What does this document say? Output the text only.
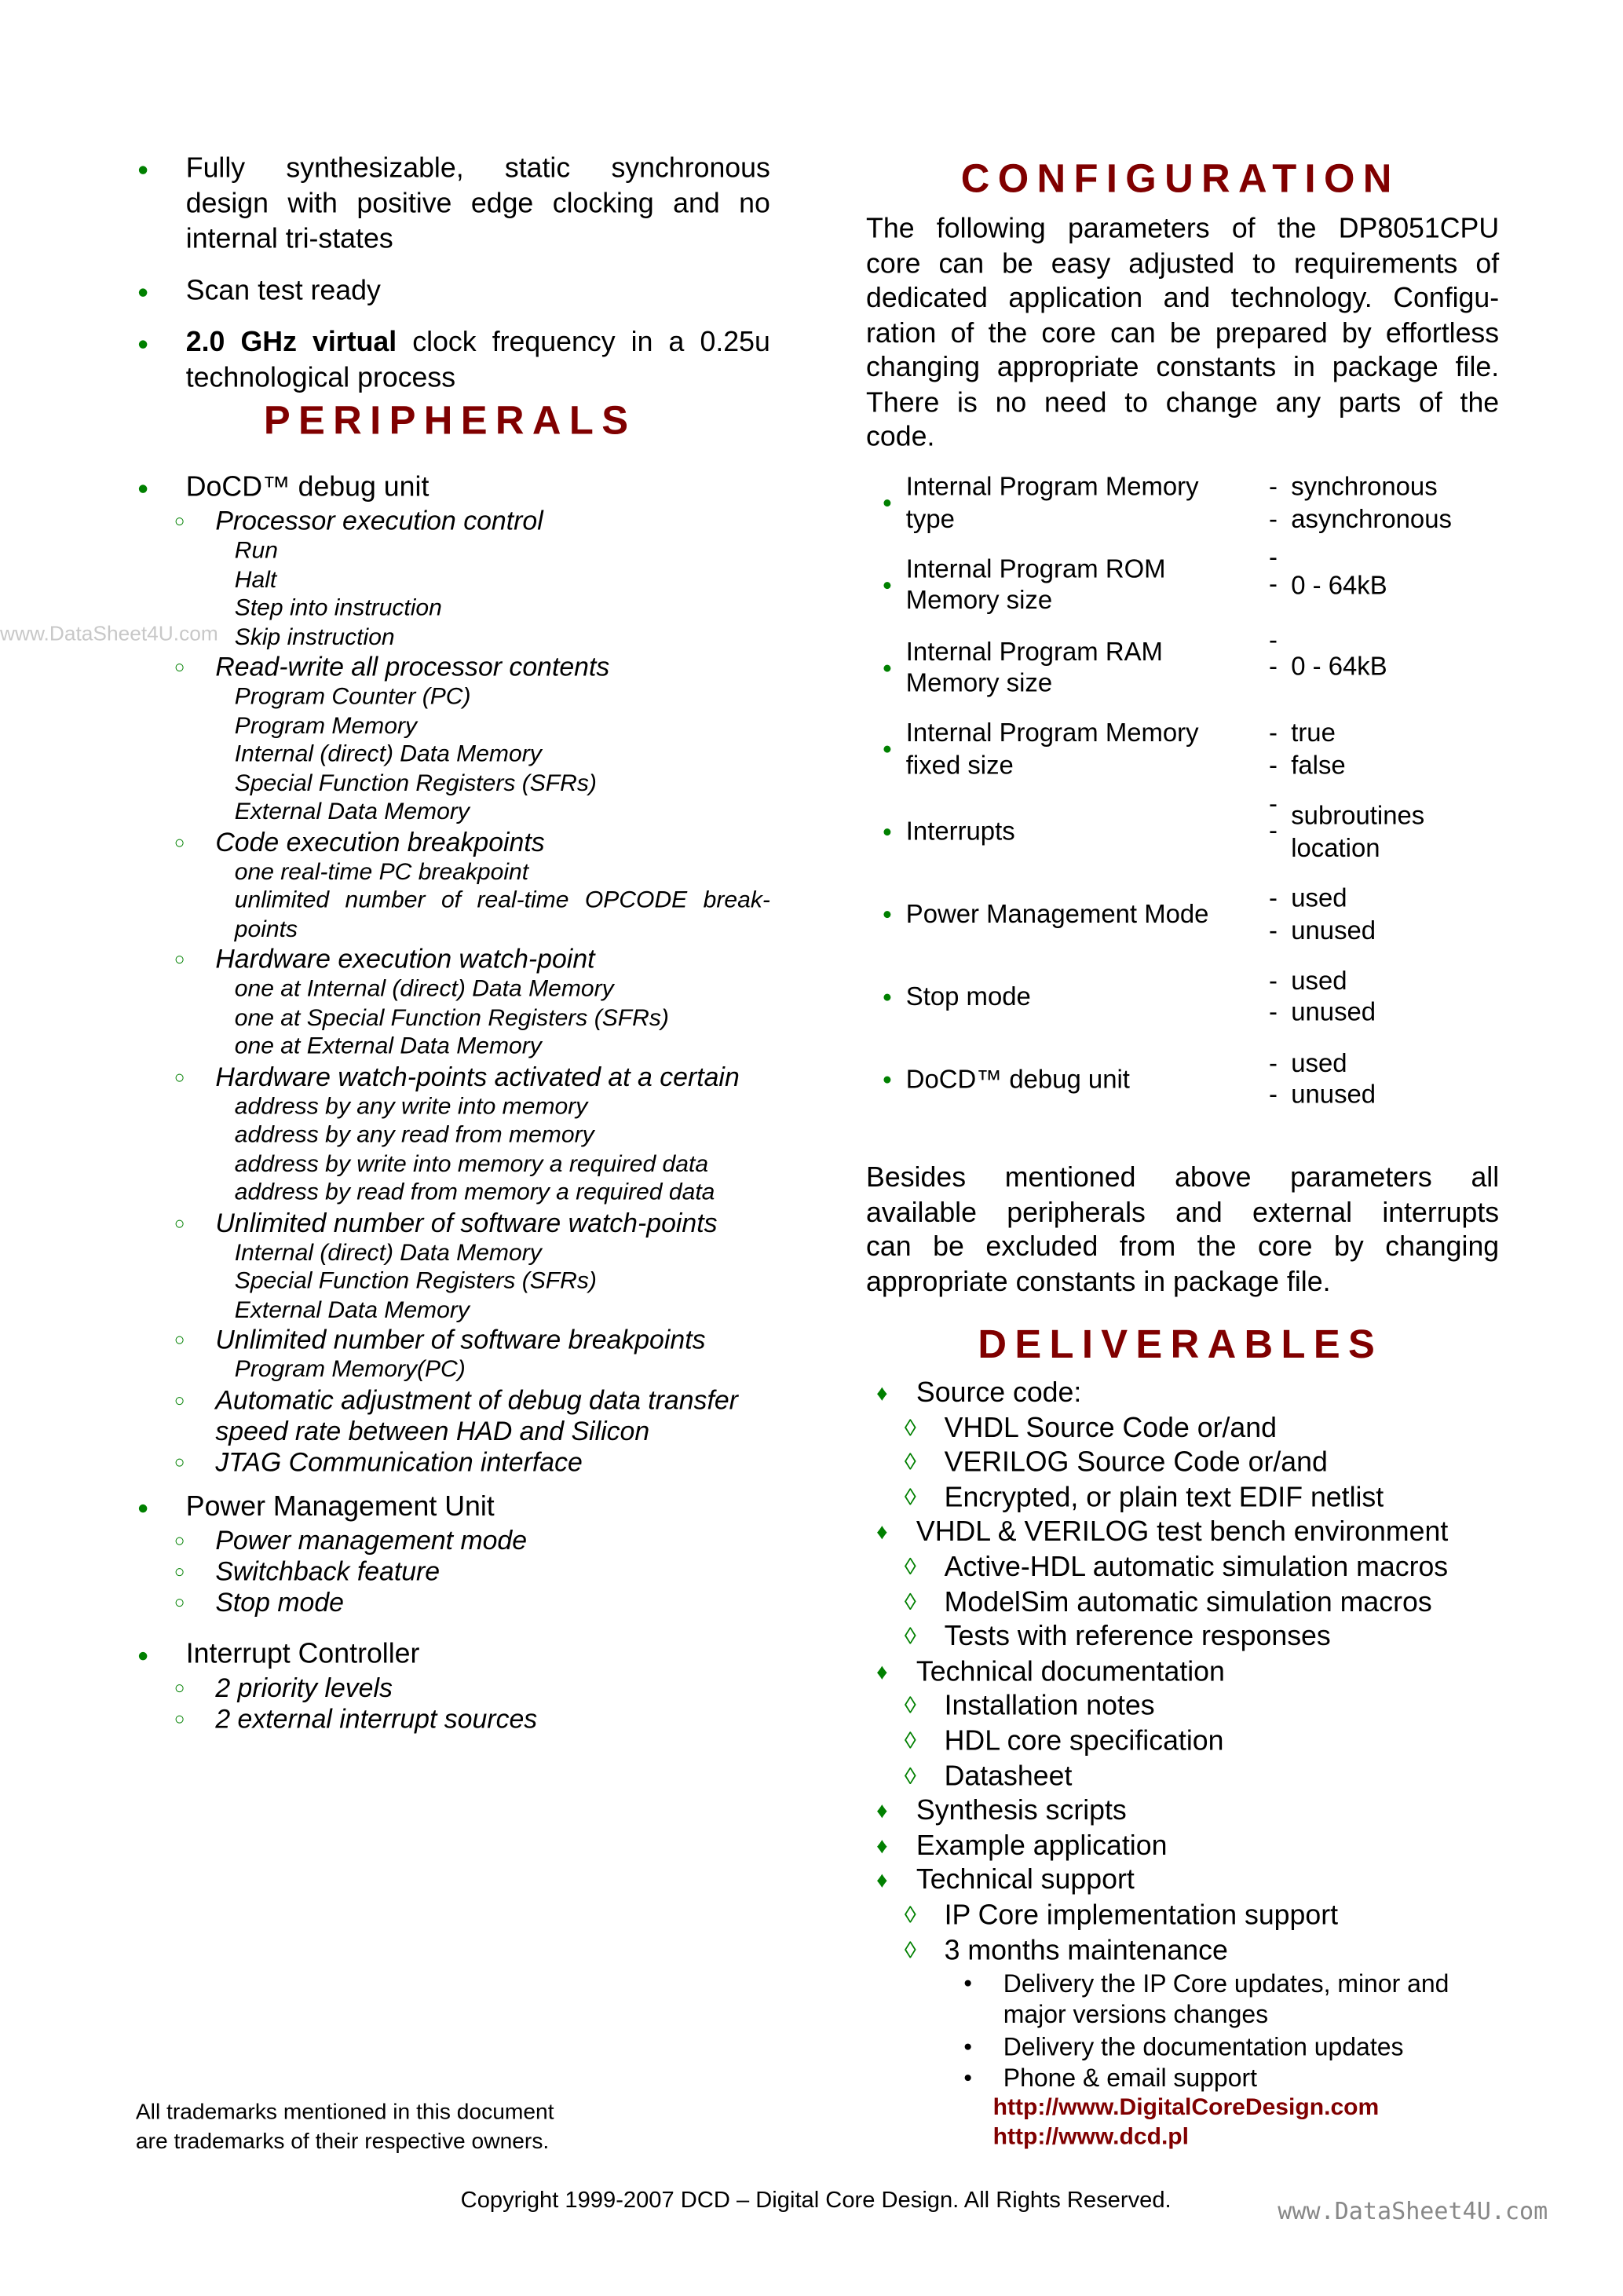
www.DataSheet4U.com
● Fully synthesizable, static synchronous
design with positive edge clocking and no
internal tri-states
● Scan test ready
● 2.0 GHz virtual clock frequency in a 0.25u
technological process
PERIPHERALS
● DoCD™ debug unit
○ Processor execution control
Run
Halt
Step into instruction
Skip instruction
○ Read-write all processor contents
Program Counter (PC)
Program Memory
Internal (direct) Data Memory
Special Function Registers (SFRs)
External Data Memory
○ Code execution breakpoints
one real-time PC breakpoint
unlimited number of real-time OPCODE break-
points
○ Hardware execution watch-point
one at Internal (direct) Data Memory
one at Special Function Registers (SFRs)
one at External Data Memory
○ Hardware watch-points activated at a certain
address by any write into memory
address by any read from memory
address by write into memory a required data
address by read from memory a required data
○ Unlimited number of software watch-points
Internal (direct) Data Memory
Special Function Registers (SFRs)
External Data Memory
○ Unlimited number of software breakpoints
Program Memory(PC)
○ Automatic adjustment of debug data transfer
speed rate between HAD and Silicon
○ JTAG Communication interface
● Power Management Unit
○ Power management mode
○ Switchback feature
○ Stop mode
● Interrupt Controller
○ 2 priority levels
○ 2 external interrupt sources
All trademarks mentioned in this document
are trademarks of their respective owners.
CONFIGURATION
The following parameters of the DP8051CPU
core can be easy adjusted to requirements of
dedicated application and technology. Configu-
ration of the core can be prepared by effortless
changing appropriate constants in package file.
There is no need to change any parts of the
code.
●
Internal Program Memory
type
- synchronous
- asynchronous
●
Internal Program ROM
Memory size
-
- 0 - 64kB
●
Internal Program RAM
Memory size
-
- 0 - 64kB
●
Internal Program Memory
fixed size
- true
- false
● Interrupts
-
- subroutines location
● Power Management Mode
- used
- unused
● Stop mode
- used
- unused
● DoCD™ debug unit
- used
- unused
Besides mentioned above parameters all
available peripherals and external interrupts
can be excluded from the core by changing
appropriate constants in package file.
DELIVERABLES
♦ Source code:
◊ VHDL Source Code or/and
◊ VERILOG Source Code or/and
◊ Encrypted, or plain text EDIF netlist
♦ VHDL & VERILOG test bench environment
◊ Active-HDL automatic simulation macros
◊ ModelSim automatic simulation macros
◊ Tests with reference responses
♦ Technical documentation
◊ Installation notes
◊ HDL core specification
◊ Datasheet
♦ Synthesis scripts
♦ Example application
♦ Technical support
◊ IP Core implementation support
◊ 3 months maintenance
● Delivery the IP Core updates, minor and
major versions changes
● Delivery the documentation updates
● Phone & email support
http://www.DigitalCoreDesign.com
http://www.dcd.pl
Copyright 1999-2007 DCD – Digital Core Design. All Rights Reserved.	www.DataSheet4U.com
